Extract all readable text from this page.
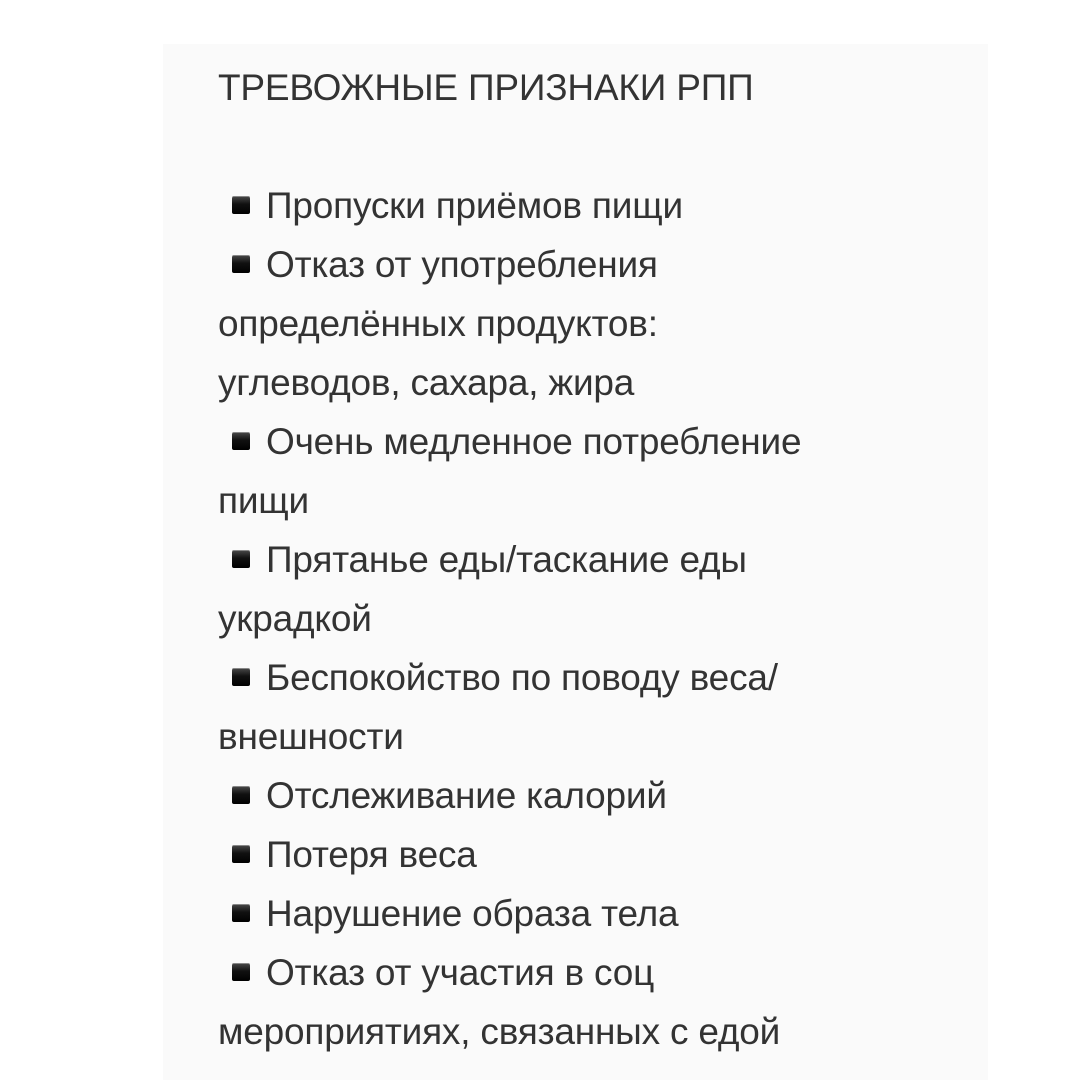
ТРЕВОЖНЫЕ ПРИЗНАКИ РПП
Пропуски приёмов пищи
Отказ от употребления
определённых продуктов:
углеводов, сахара, жира
Очень медленное потребление
пищи
Прятанье еды/таскание еды
украдкой
Беспокойство по поводу веса/
внешности
Отслеживание калорий
Потеря веса
Нарушение образа тела
Отказ от участия в соц
мероприятиях, связанных с едой
